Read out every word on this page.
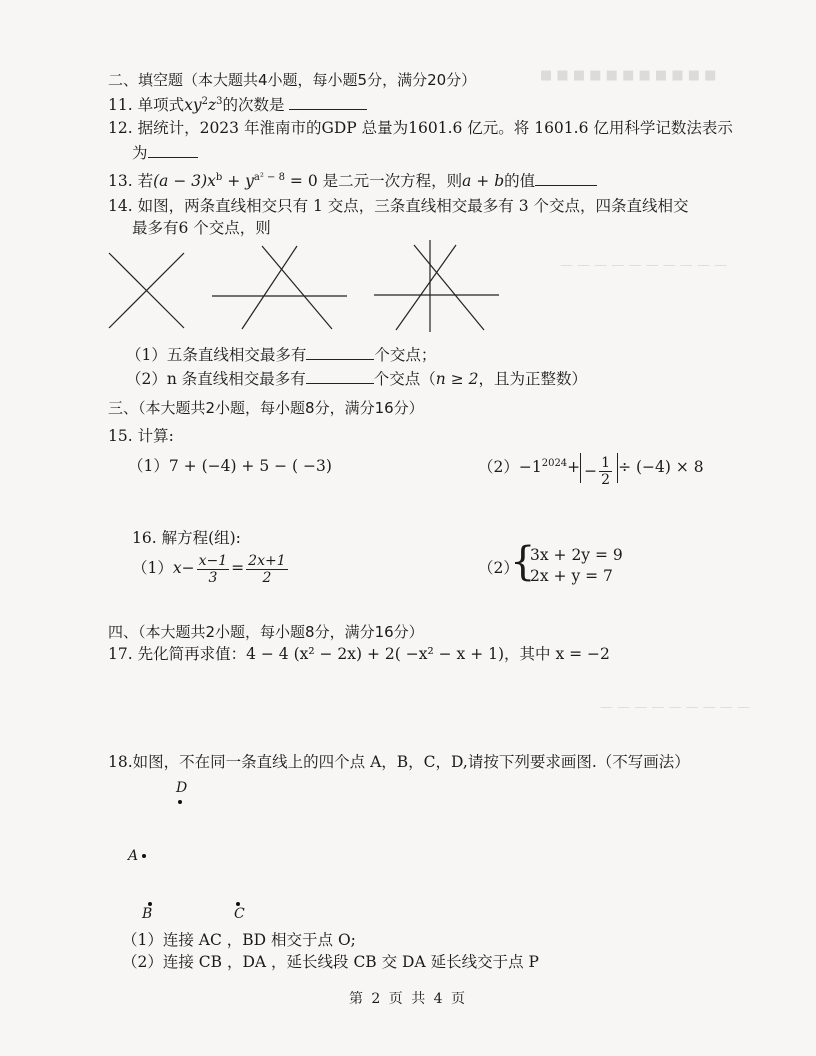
■ ■ ■ ■ ■ ■ ■ ■ ■ ■ ■
— — — — — — — — — —
— — — — — — — — —
二、填空题（本大题共4小题，每小题5分，满分20分）
11. 单项式$xy^2z^3$的次数是
12. 据统计，2023 年淮南市的GDP 总量为1601.6 亿元。将 1601.6 亿用科学记数法表示
为
13. 若$(a - 3)x^b + y^{a^2 - 8} = 0$ 是二元一次方程，则a + b的值
14. 如图，两条直线相交只有 1 交点，三条直线相交最多有 3 个交点，四条直线相交
最多有6 个交点，则
（1）五条直线相交最多有	个交点；
（2）n 条直线相交最多有	个交点（n ≥ 2，且为正整数）
三、（本大题共2小题，每小题8分，满分16分）
15. 计算:
（1）7 + (−4) + 5 − ( −3)	$(2)-1^{2024}+ - \frac{1}{2} \div (-4) \times 8$
16. 解方程(组):
$(1)x- \frac{x-1}{3} = \frac{2x+1}{2}$	（2）
{
3x + 2y = 9
2x + y = 7
四、（本大题共2小题，每小题8分，满分16分）
17. 先化简再求值：4 − 4 (x² − 2x) + 2( −x² − x + 1)，其中 x = −2
18.如图，不在同一条直线上的四个点 A，B，C，D,请按下列要求画图.（不写画法）
D
A
B	C
（1）连接 AC ，BD 相交于点 O;
（2）连接 CB ，DA ，延长线段 CB 交 DA 延长线交于点 P
第 2 页 共 4 页
